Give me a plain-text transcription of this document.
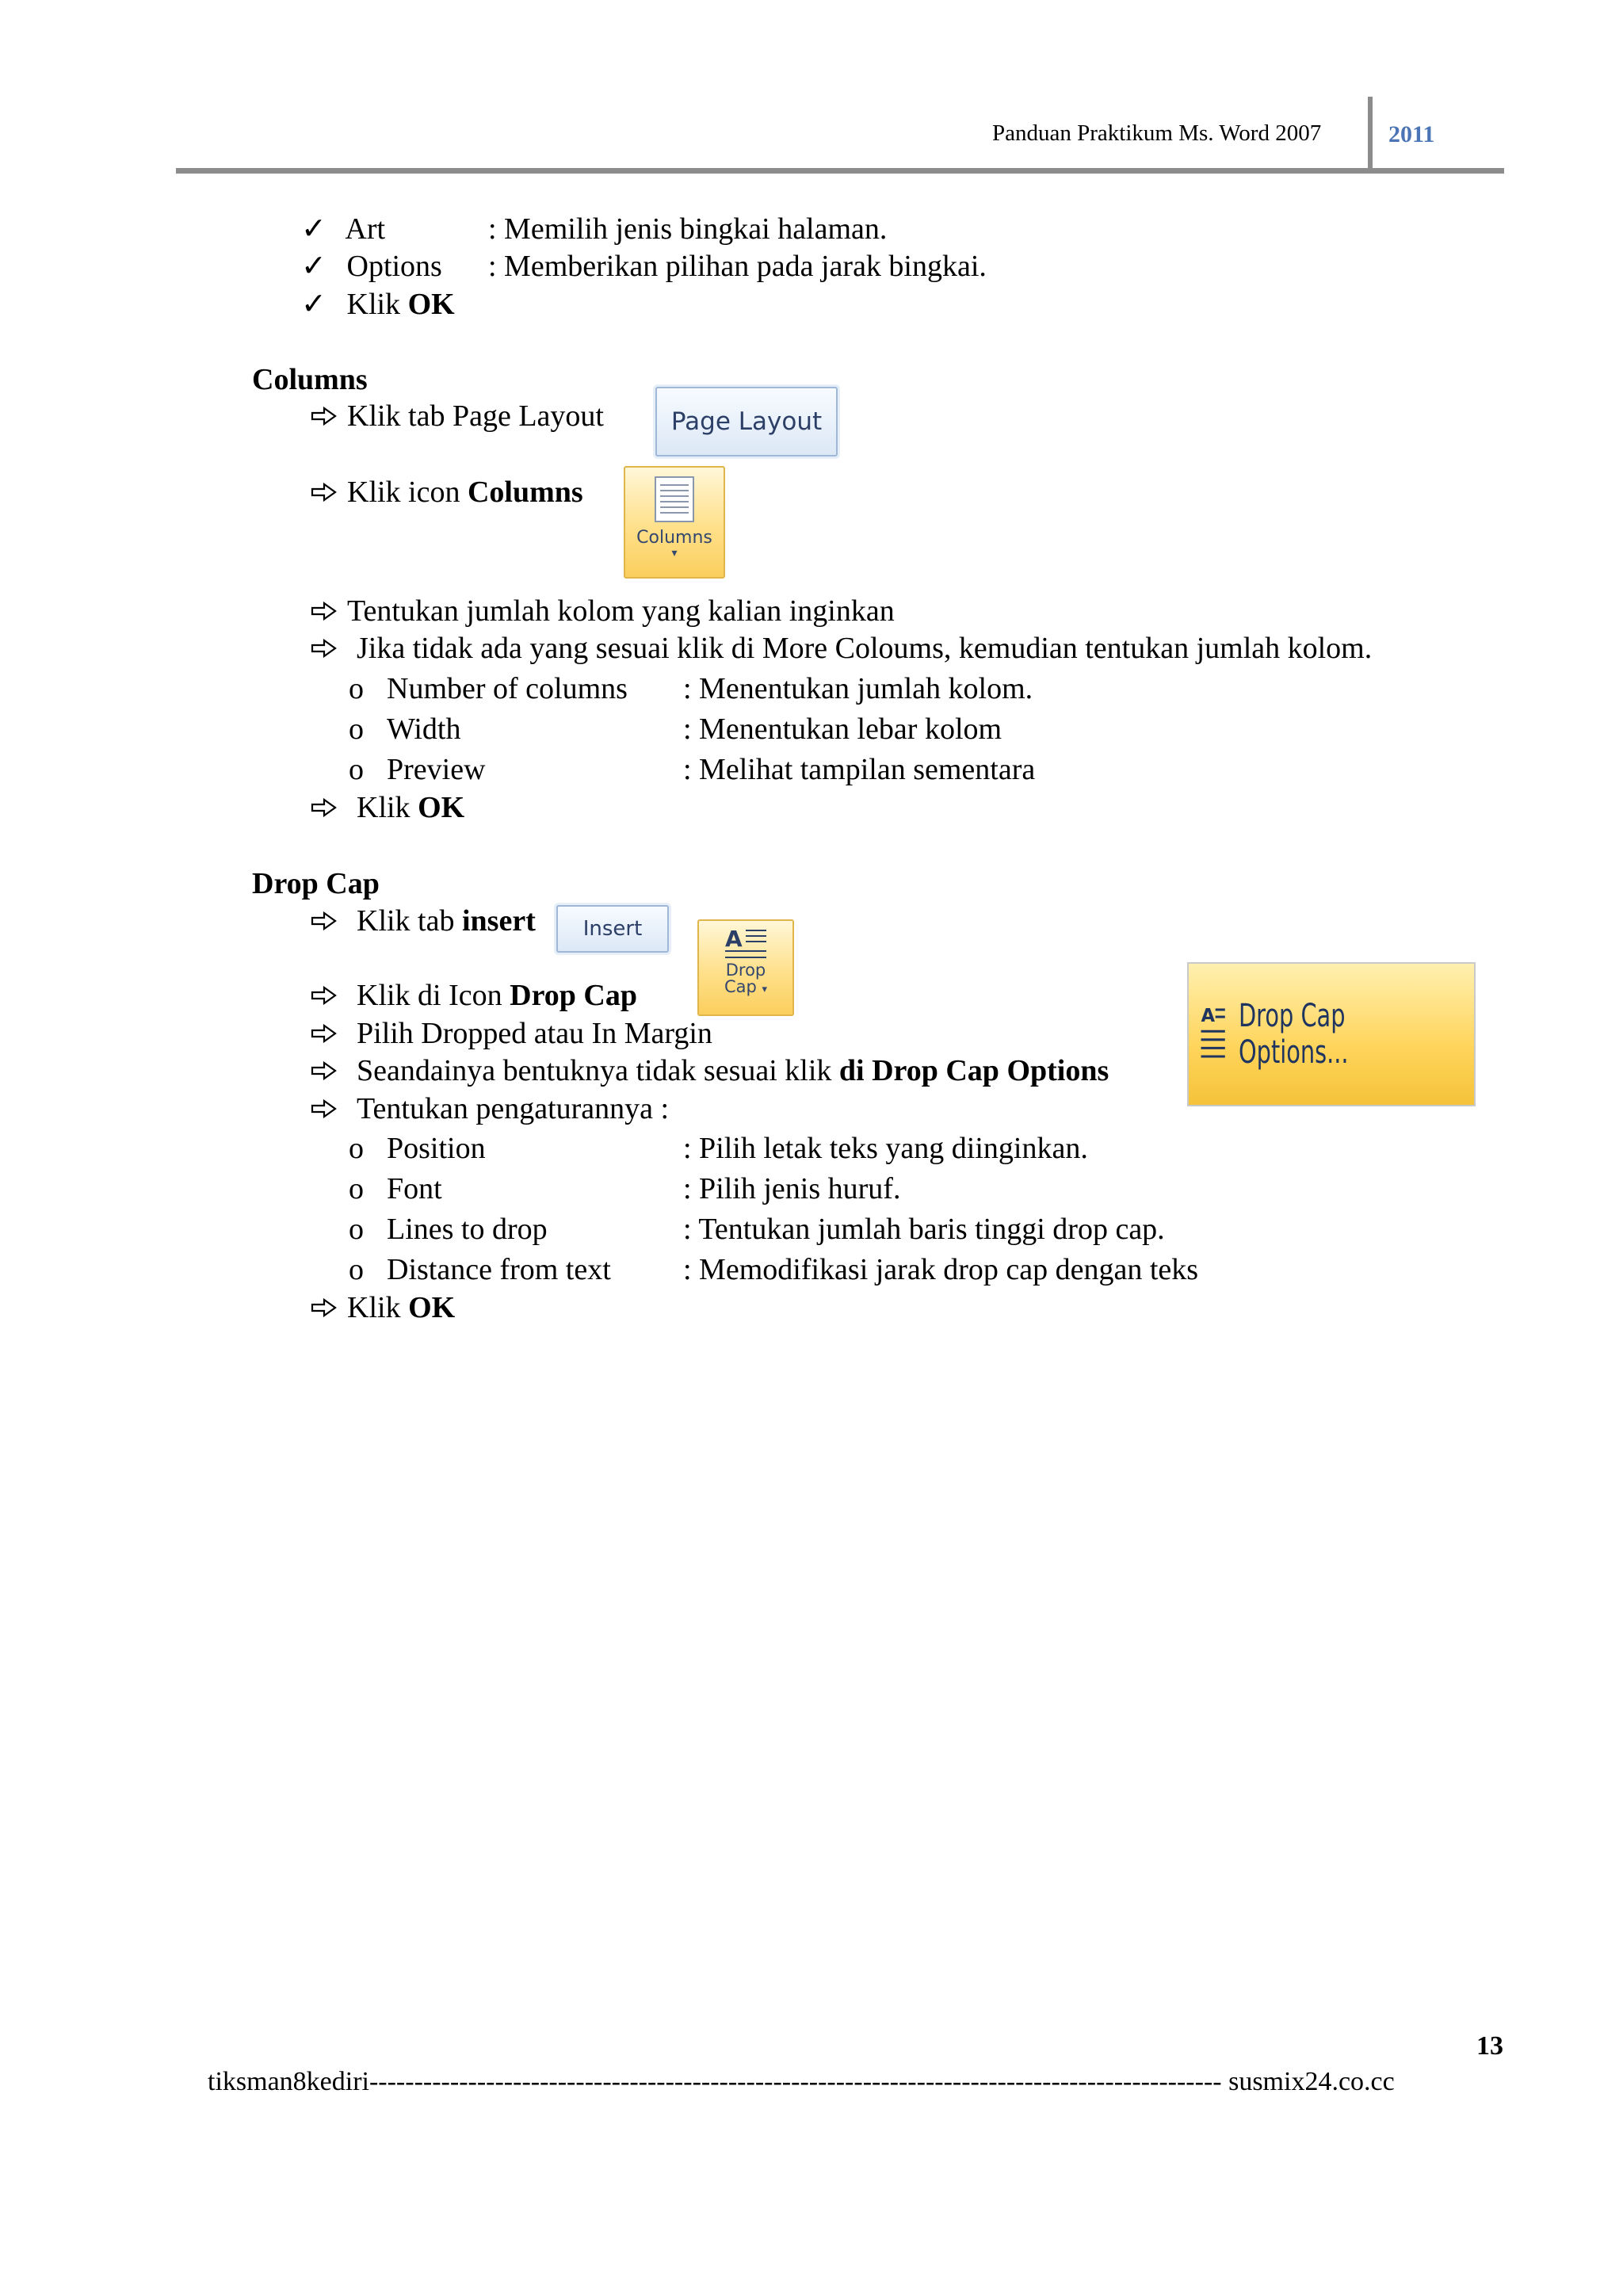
Panduan Praktikum Ms. Word 2007	2011
✓ Art	: Memilih jenis bingkai halaman.
✓ Options : Memberikan pilihan pada jarak bingkai.
✓ Klik OK
Columns
Klik tab Page Layout	Page Layout
Klik icon Columns
Columns
▾
Tentukan jumlah kolom yang kalian inginkan
Jika tidak ada yang sesuai klik di More Coloums, kemudian tentukan jumlah kolom.
o Number of columns : Menentukan jumlah kolom.
o Width	: Menentukan lebar kolom
o Preview	: Melihat tampilan sementara
Klik OK
Drop Cap
Klik tab insert	Insert	A
Drop
Cap ▾
Klik di Icon Drop Cap
Pilih Dropped atau In Margin
Seandainya bentuknya tidak sesuai klik di Drop Cap Options
A Drop Cap Options...
Tentukan pengaturannya :
o Position	: Pilih letak teks yang diinginkan.
o Font	: Pilih jenis huruf.
o Lines to drop	: Tentukan jumlah baris tinggi drop cap.
o Distance from text : Memodifikasi jarak drop cap dengan teks
Klik OK
13
tiksman8kediri----------------------------------------------------------------------------------------------- susmix24.co.cc
